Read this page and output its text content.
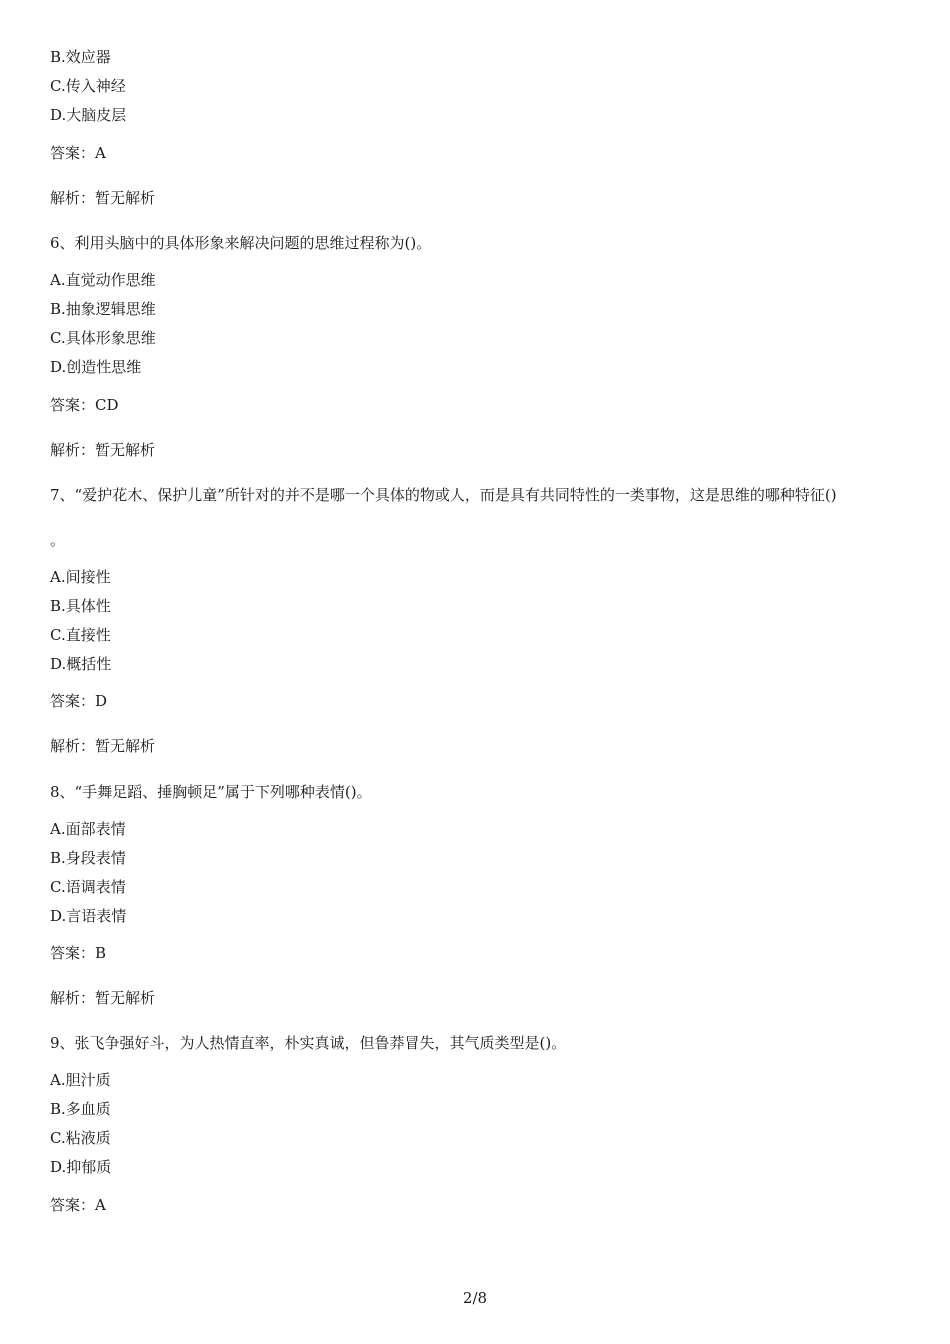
B.效应器
C.传入神经
D.大脑皮层
答案：A
解析：暂无解析
6、利用头脑中的具体形象来解决问题的思维过程称为()。
A.直觉动作思维
B.抽象逻辑思维
C.具体形象思维
D.创造性思维
答案：CD
解析：暂无解析
7、“爱护花木、保护儿童”所针对的并不是哪一个具体的物或人，而是具有共同特性的一类事物，这是思维的哪种特征()
。
A.间接性
B.具体性
C.直接性
D.概括性
答案：D
解析：暂无解析
8、“手舞足蹈、捶胸顿足”属于下列哪种表情()。
A.面部表情
B.身段表情
C.语调表情
D.言语表情
答案：B
解析：暂无解析
9、张飞争强好斗，为人热情直率，朴实真诚，但鲁莽冒失，其气质类型是()。
A.胆汁质
B.多血质
C.粘液质
D.抑郁质
答案：A
2/8
